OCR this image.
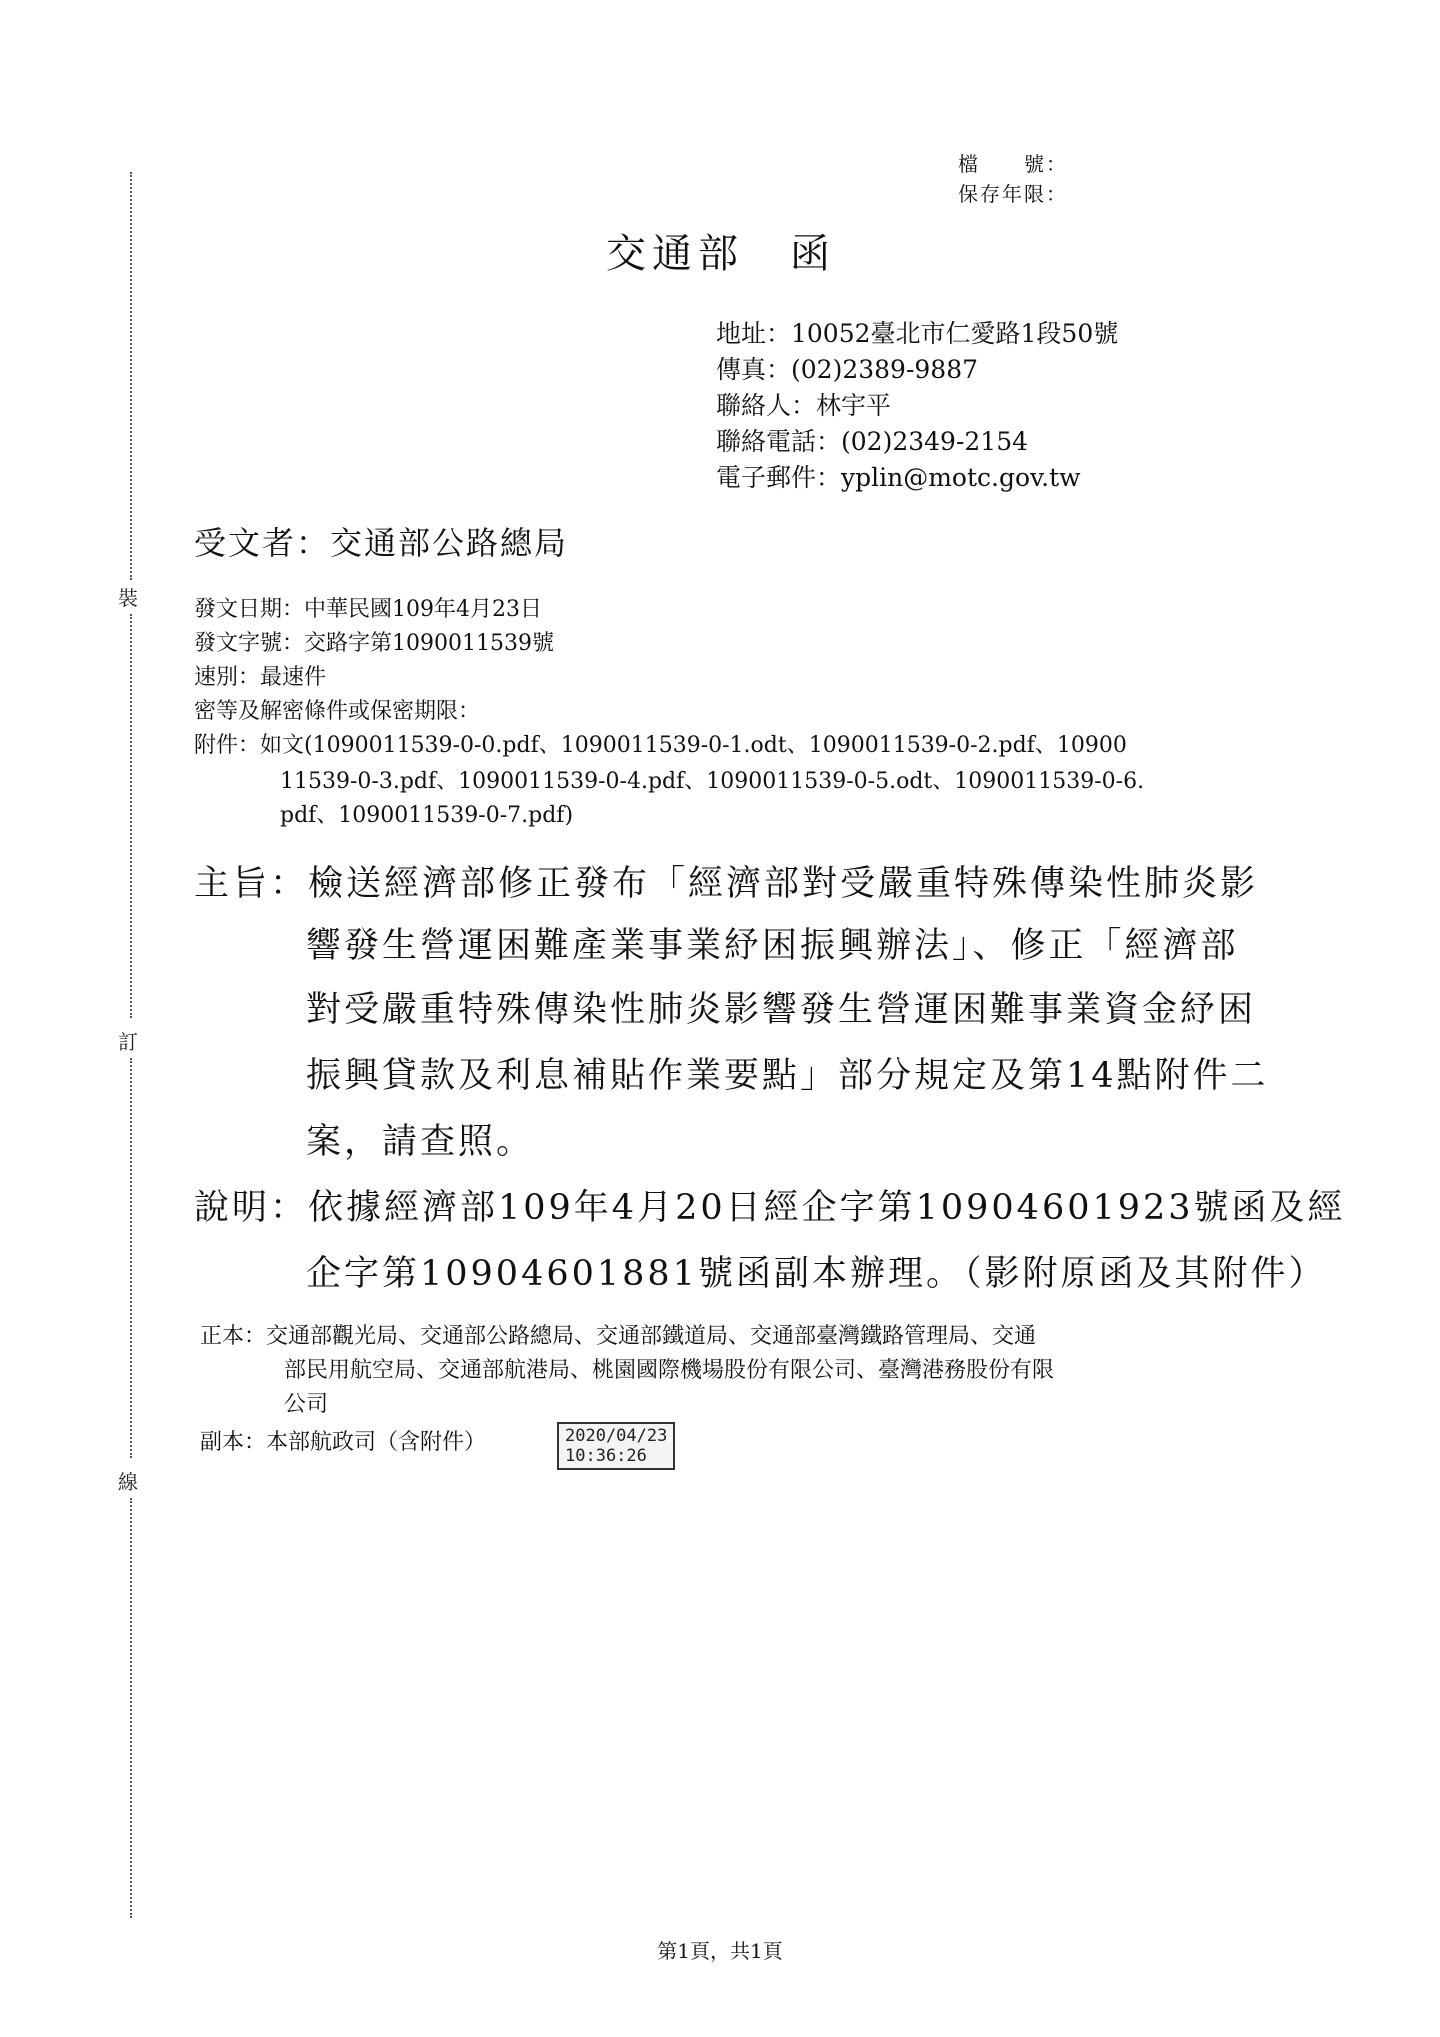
裝
訂
線
檔　　號：
保存年限：
交通部　函
地址：10052臺北市仁愛路1段50號
傳真：(02)2389-9887
聯絡人：林宇平
聯絡電話：(02)2349-2154
電子郵件：yplin@motc.gov.tw
受文者：交通部公路總局
發文日期：中華民國109年4月23日
發文字號：交路字第1090011539號
速別：最速件
密等及解密條件或保密期限：
附件：如文(1090011539-0-0.pdf、1090011539-0-1.odt、1090011539-0-2.pdf、10900
11539-0-3.pdf、1090011539-0-4.pdf、1090011539-0-5.odt、1090011539-0-6.
pdf、1090011539-0-7.pdf)
主旨：檢送經濟部修正發布「經濟部對受嚴重特殊傳染性肺炎影
響發生營運困難產業事業紓困振興辦法」、修正「經濟部
對受嚴重特殊傳染性肺炎影響發生營運困難事業資金紓困
振興貸款及利息補貼作業要點」部分規定及第14點附件二
案，請查照。
說明：依據經濟部109年4月20日經企字第10904601923號函及經
企字第10904601881號函副本辦理。（影附原函及其附件）
正本：交通部觀光局、交通部公路總局、交通部鐵道局、交通部臺灣鐵路管理局、交通
部民用航空局、交通部航港局、桃園國際機場股份有限公司、臺灣港務股份有限
公司
副本：本部航政司（含附件）	2020/04/23
10:36:26
第1頁，共1頁
